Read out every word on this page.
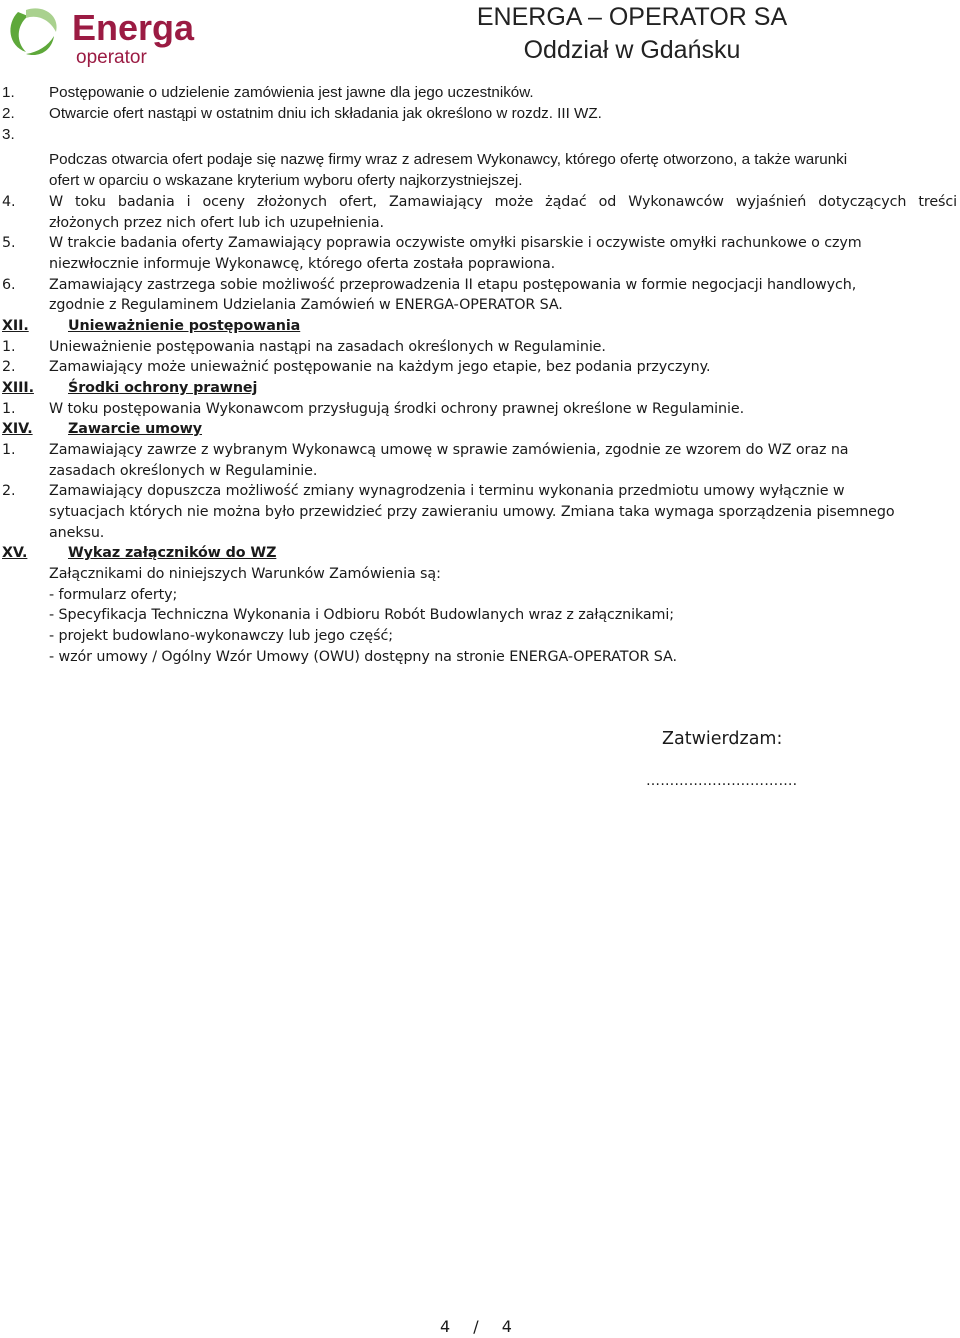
Energa
operator
ENERGA – OPERATOR SA
Oddział w Gdańsku
1. Postępowanie o udzielenie zamówienia jest jawne dla jego uczestników.
2. Otwarcie ofert nastąpi w ostatnim dniu ich składania jak określono w rozdz. III WZ.
3.
Podczas otwarcia ofert podaje się nazwę firmy wraz z adresem Wykonawcy, którego ofertę otworzono, a także warunki
ofert w oparciu o wskazane kryterium wyboru oferty najkorzystniejszej.
4. W toku badania i oceny złożonych ofert, Zamawiający może żądać od Wykonawców wyjaśnień dotyczących treści
złożonych przez nich ofert lub ich uzupełnienia.
5. W trakcie badania oferty Zamawiający poprawia oczywiste omyłki pisarskie i oczywiste omyłki rachunkowe o czym
niezwłocznie informuje Wykonawcę, którego oferta została poprawiona.
6. Zamawiający zastrzega sobie możliwość przeprowadzenia II etapu postępowania w formie negocjacji handlowych,
zgodnie z Regulaminem Udzielania Zamówień w ENERGA-OPERATOR SA.
XII.	Unieważnienie postępowania
1. Unieważnienie postępowania nastąpi na zasadach określonych w Regulaminie.
2. Zamawiający może unieważnić postępowanie na każdym jego etapie, bez podania przyczyny.
XIII. Środki ochrony prawnej
1. W toku postępowania Wykonawcom przysługują środki ochrony prawnej określone w Regulaminie.
XIV. Zawarcie umowy
1. Zamawiający zawrze z wybranym Wykonawcą umowę w sprawie zamówienia, zgodnie ze wzorem do WZ oraz na
zasadach określonych w Regulaminie.
2. Zamawiający dopuszcza możliwość zmiany wynagrodzenia i terminu wykonania przedmiotu umowy wyłącznie w
sytuacjach których nie można było przewidzieć przy zawieraniu umowy. Zmiana taka wymaga sporządzenia pisemnego
aneksu.
XV.	Wykaz załączników do WZ
Załącznikami do niniejszych Warunków Zamówienia są:
- formularz oferty;
- Specyfikacja Techniczna Wykonania i Odbioru Robót Budowlanych wraz z załącznikami;
- projekt budowlano-wykonawczy lub jego część;
- wzór umowy / Ogólny Wzór Umowy (OWU) dostępny na stronie ENERGA-OPERATOR SA.
Zatwierdzam:
……………….………….
4 / 4
